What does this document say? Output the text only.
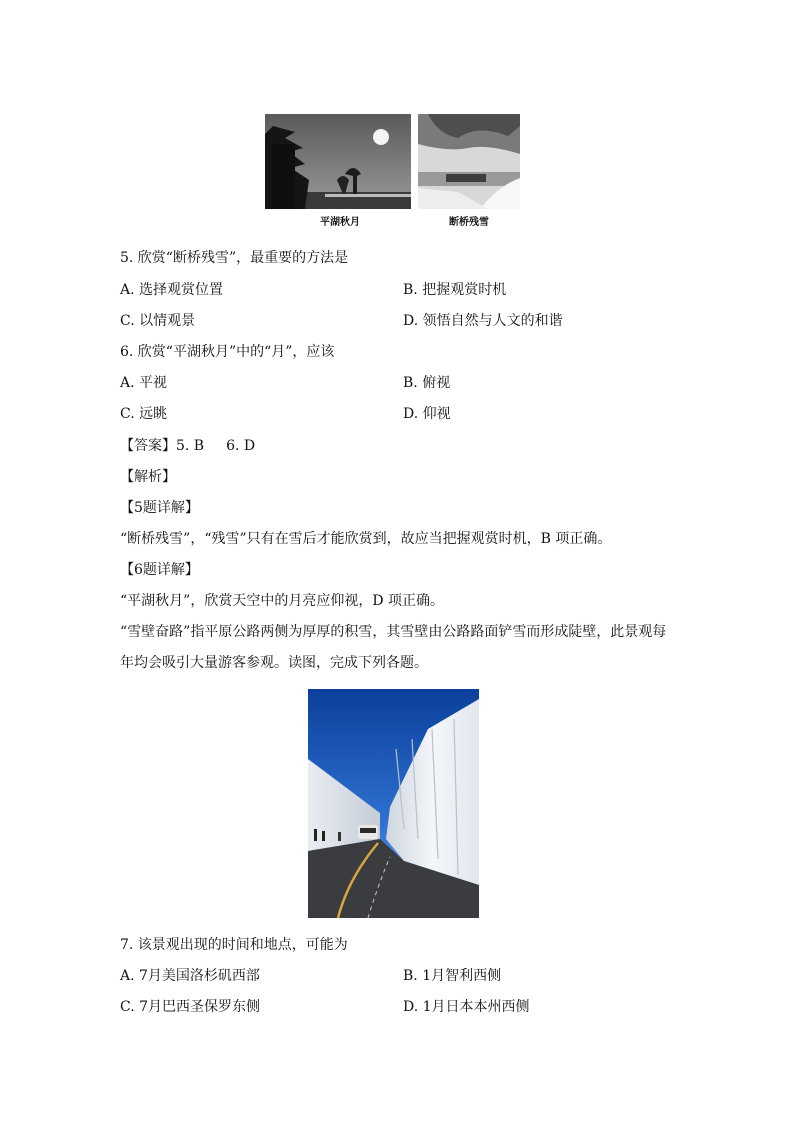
平湖秋月	断桥残雪
5. 欣赏“断桥残雪”，最重要的方法是
A. 选择观赏位置	B. 把握观赏时机
C. 以情观景	D. 领悟自然与人文的和谐
6. 欣赏“平湖秋月”中的“月”，应该
A. 平视	B. 俯视
C. 远眺	D. 仰视
【答案】5. B 6. D
【解析】
【5题详解】
“断桥残雪”，“残雪”只有在雪后才能欣赏到，故应当把握观赏时机，B 项正确。
【6题详解】
“平湖秋月”，欣赏天空中的月亮应仰视，D 项正确。
“雪壁奋路”指平原公路两侧为厚厚的积雪，其雪壁由公路路面铲雪而形成陡壁，此景观每
年均会吸引大量游客参观。读图，完成下列各题。
7. 该景观出现的时间和地点，可能为
A. 7月美国洛杉矶西部	B. 1月智利西侧
C. 7月巴西圣保罗东侧	D. 1月日本本州西侧
